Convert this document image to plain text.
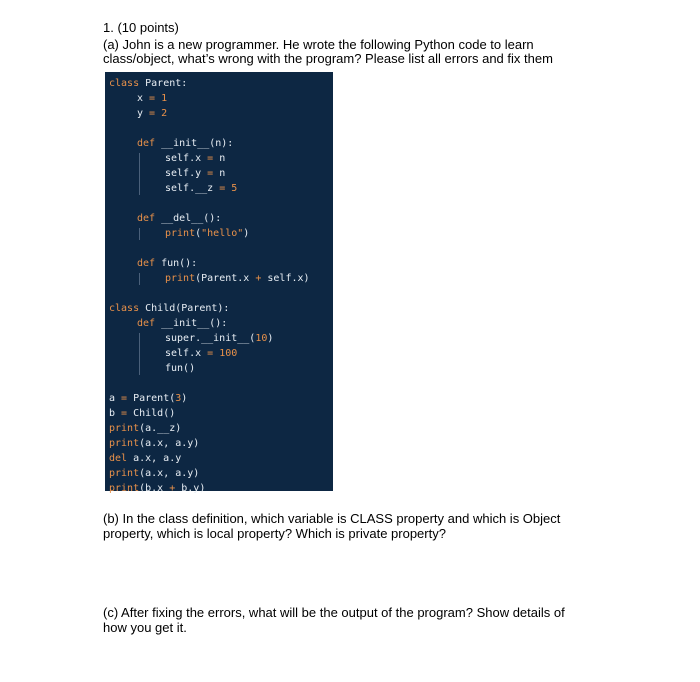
1. (10 points)

(a) John is a new programmer. He wrote the following Python code to learn

class/object, what’s wrong with the program? Please list all errors and fix them

class Parent:
x = 1
y = 2
def __init__(n):
self.x = n
self.y = n
self.__z = 5
def __del__():
print("hello")
def fun():
print(Parent.x + self.x)
class Child(Parent):
def __init__():
super.__init__(10)
self.x = 100
fun()
a = Parent(3)
b = Child()
print(a.__z)
print(a.x, a.y)
del a.x, a.y
print(a.x, a.y)
print(b.x + b.y)

(b) In the class definition, which variable is CLASS property and which is Object

property, which is local property? Which is private property?

(c) After fixing the errors, what will be the output of the program? Show details of

how you get it.
